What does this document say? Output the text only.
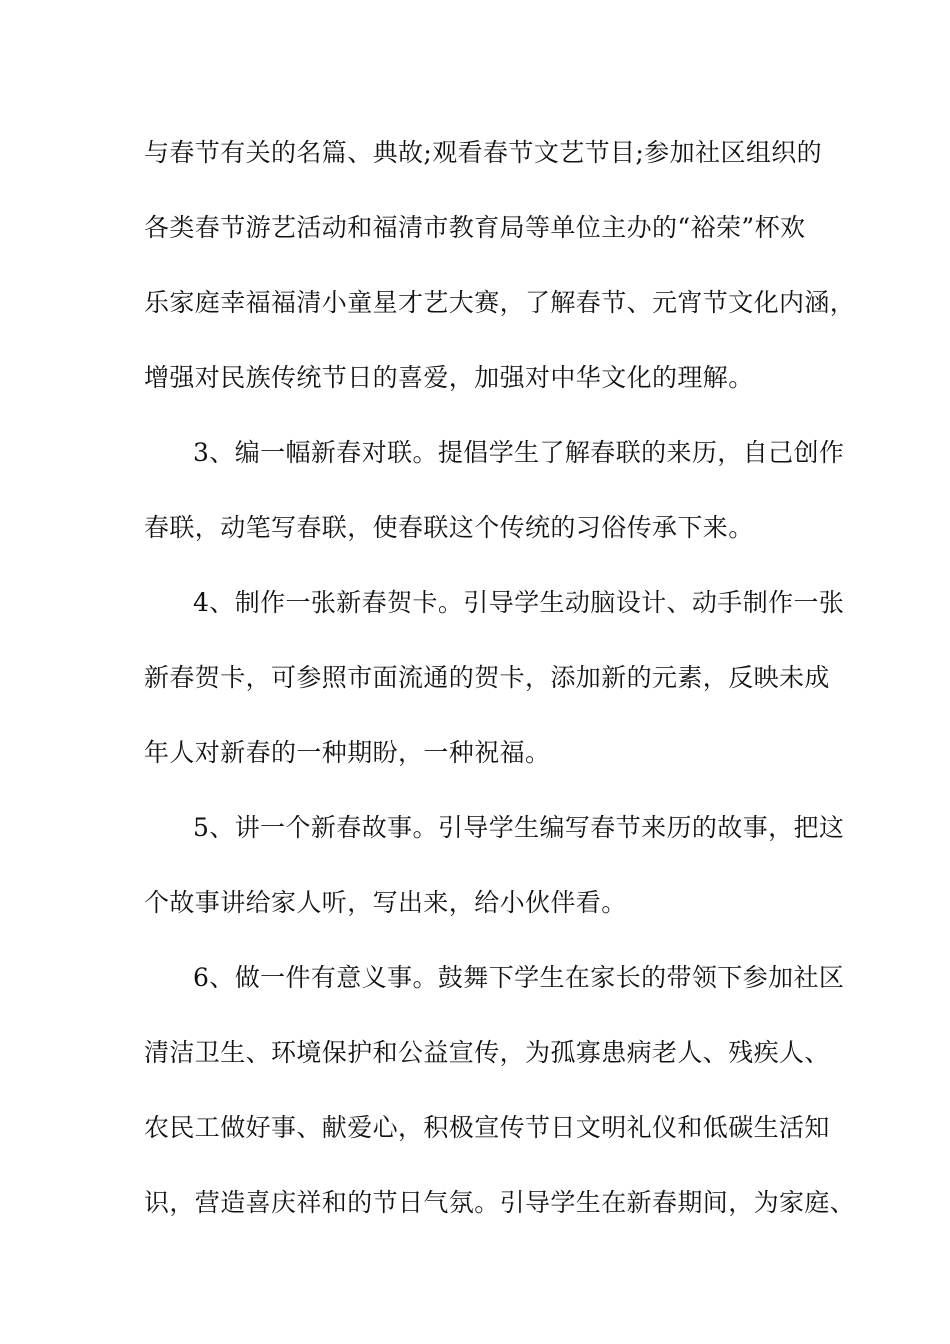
与春节有关的名篇、典故;观看春节文艺节目;参加社区组织的
各类春节游艺活动和福清市教育局等单位主办的“裕荣”杯欢
乐家庭幸福福清小童星才艺大赛，了解春节、元宵节文化内涵，
增强对民族传统节日的喜爱，加强对中华文化的理解。
3、编一幅新春对联。提倡学生了解春联的来历，自己创作
春联，动笔写春联，使春联这个传统的习俗传承下来。
4、制作一张新春贺卡。引导学生动脑设计、动手制作一张
新春贺卡，可参照市面流通的贺卡，添加新的元素，反映未成
年人对新春的一种期盼，一种祝福。
5、讲一个新春故事。引导学生编写春节来历的故事，把这
个故事讲给家人听，写出来，给小伙伴看。
6、做一件有意义事。鼓舞下学生在家长的带领下参加社区
清洁卫生、环境保护和公益宣传，为孤寡患病老人、残疾人、
农民工做好事、献爱心，积极宣传节日文明礼仪和低碳生活知
识，营造喜庆祥和的节日气氛。引导学生在新春期间，为家庭、
